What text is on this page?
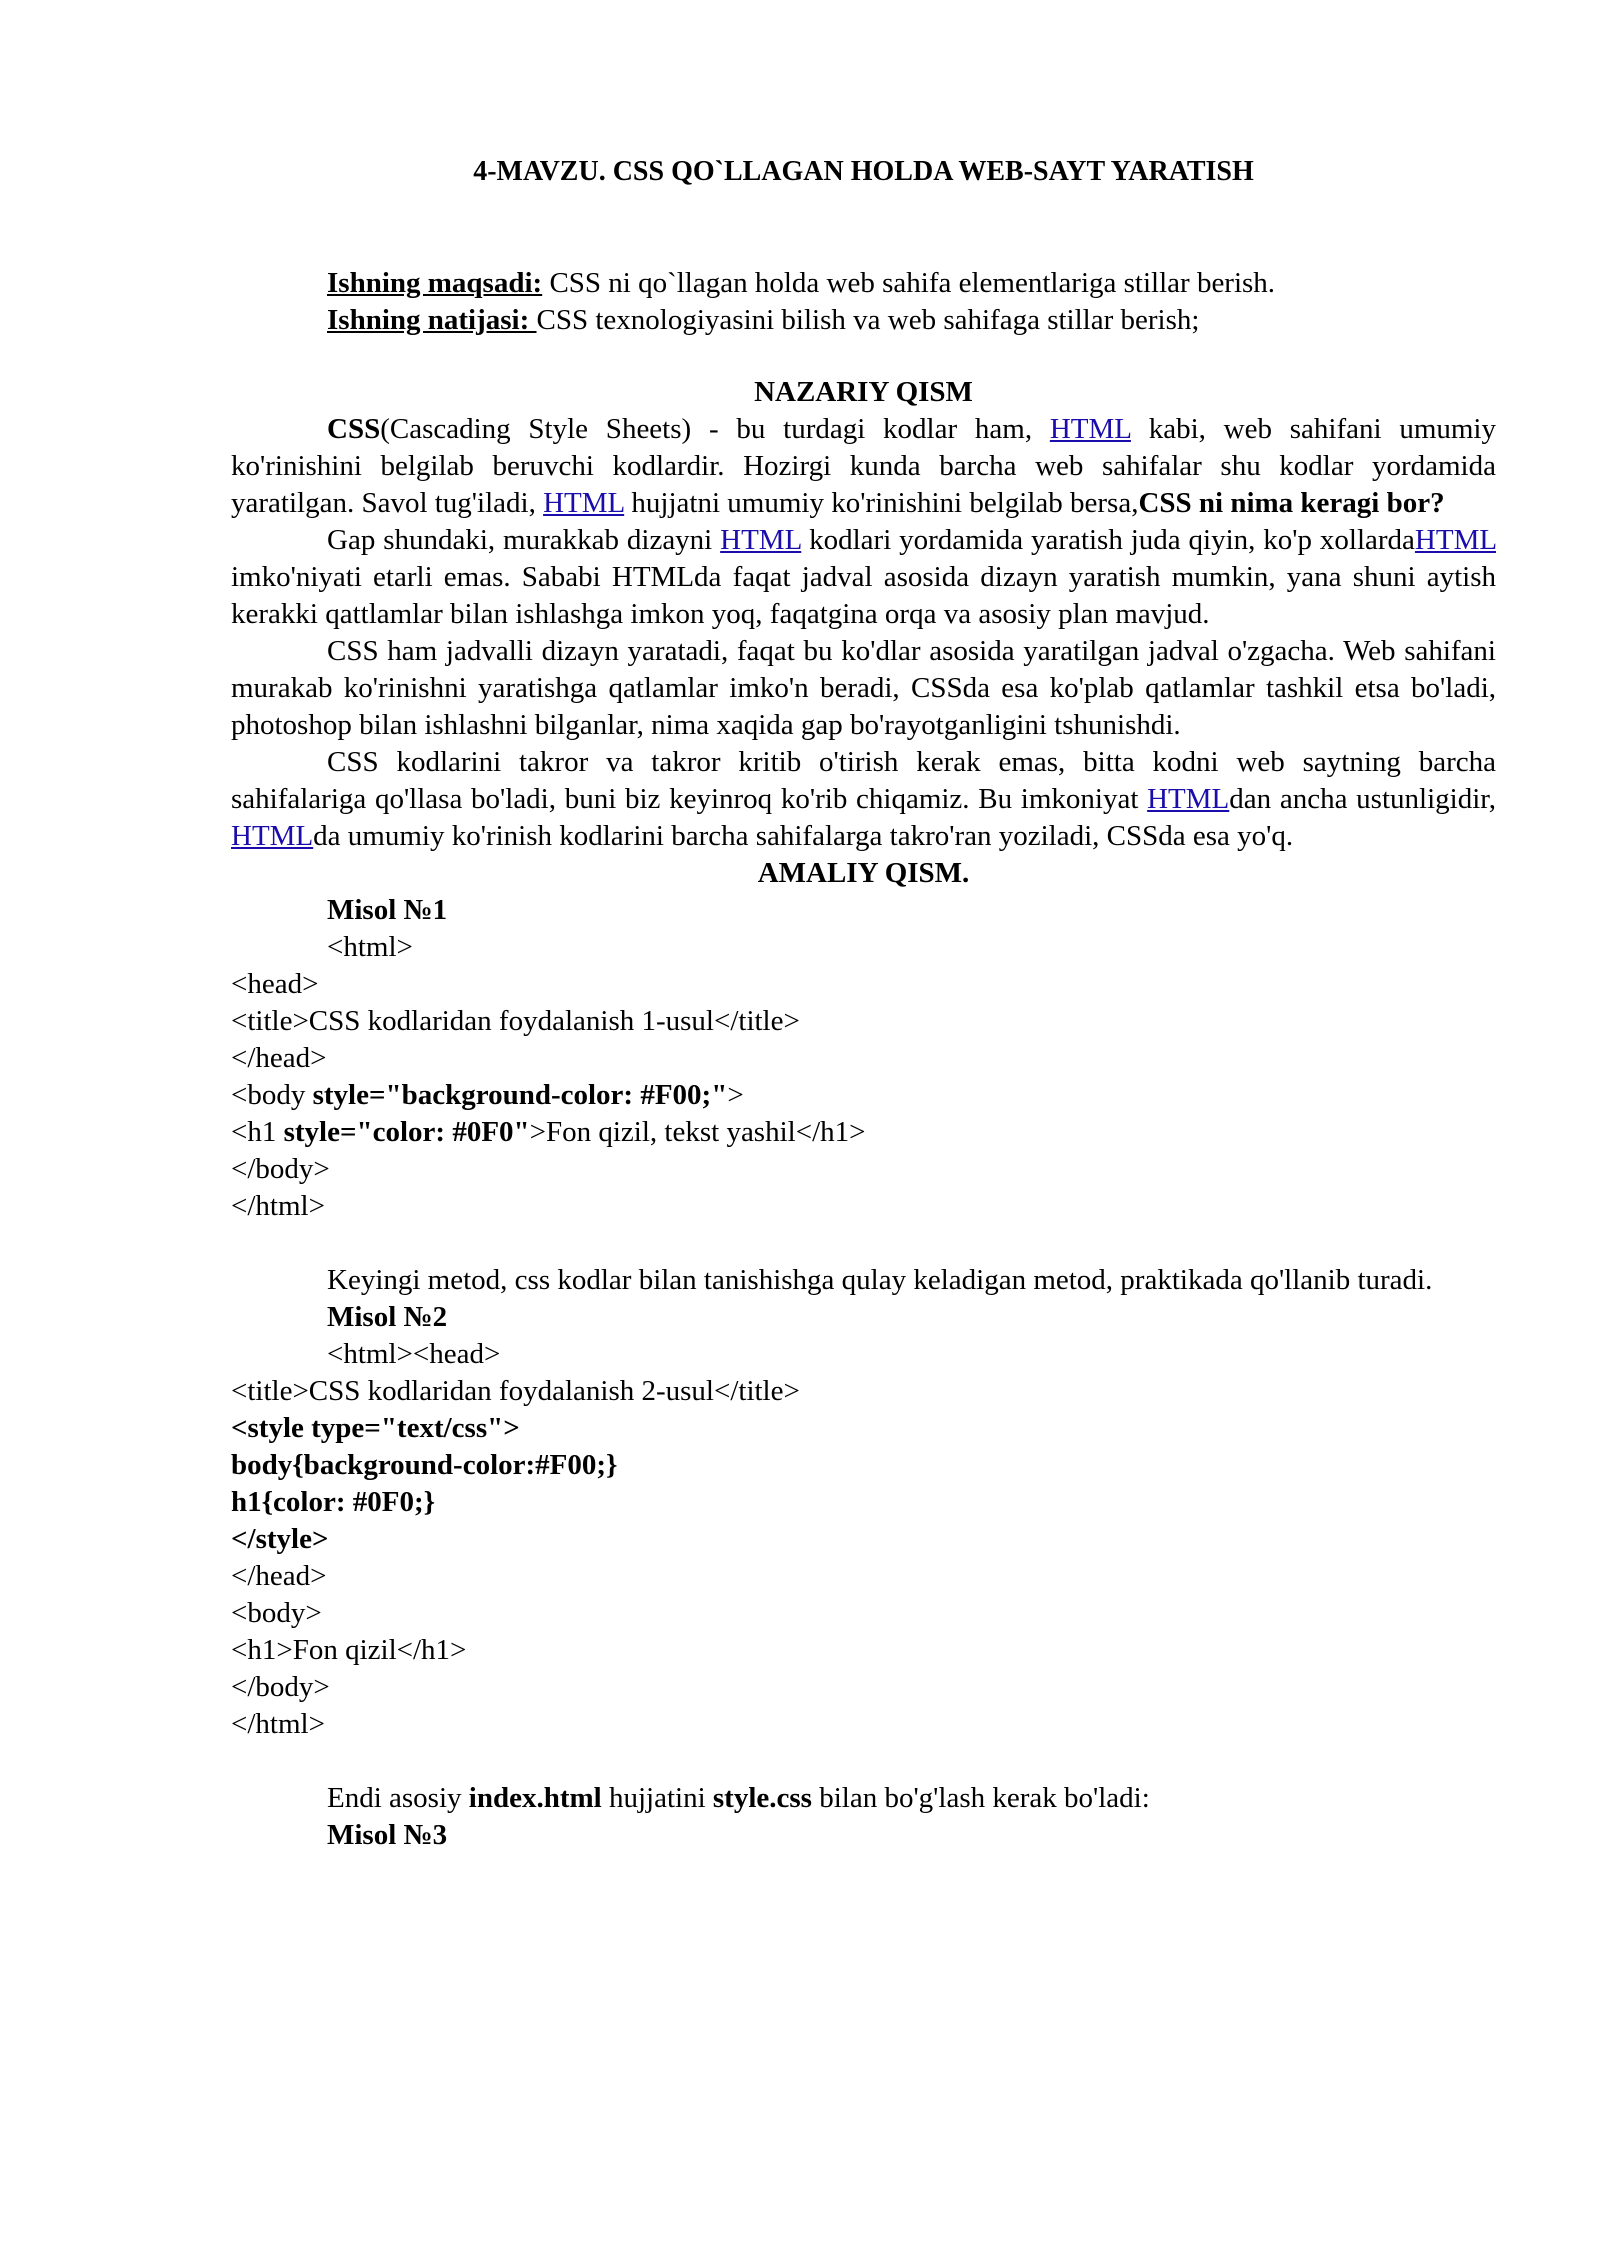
4-MAVZU. CSS QO`LLAGAN HOLDA WEB-SAYT YARATISH
Ishning maqsadi: CSS ni qo`llagan holda web sahifa elementlariga stillar berish.
Ishning natijasi: CSS texnologiyasini bilish va web sahifaga stillar berish;
NAZARIY QISM

CSS(Cascading Style Sheets) - bu turdagi kodlar ham, HTML kabi, web sahifani umumiy ko'rinishini belgilab beruvchi kodlardir. Hozirgi kunda barcha web sahifalar shu kodlar yordamida yaratilgan. Savol tug'iladi, HTML hujjatni umumiy ko'rinishini belgilab bersa,CSS ni nima keragi bor?

Gap shundaki, murakkab dizayni HTML kodlari yordamida yaratish juda qiyin, ko'p xollardaHTML imko'niyati etarli emas. Sababi HTMLda faqat jadval asosida dizayn yaratish mumkin, yana shuni aytish kerakki qattlamlar bilan ishlashga imkon yoq, faqatgina orqa va asosiy plan mavjud.

CSS ham jadvalli dizayn yaratadi, faqat bu ko'dlar asosida yaratilgan jadval o'zgacha. Web sahifani murakab ko'rinishni yaratishga qatlamlar imko'n beradi, CSSda esa ko'plab qatlamlar tashkil etsa bo'ladi, photoshop bilan ishlashni bilganlar, nima xaqida gap bo'rayotganligini tshunishdi.

CSS kodlarini takror va takror kritib o'tirish kerak emas, bitta kodni web saytning barcha sahifalariga qo'llasa bo'ladi, buni biz keyinroq ko'rib chiqamiz. Bu imkoniyat HTMLdan ancha ustunligidir, HTMLda umumiy ko'rinish kodlarini barcha sahifalarga takro'ran yoziladi, CSSda esa yo'q.

AMALIY QISM.
Misol №1
<html>
<head>
<title>CSS kodlaridan foydalanish 1-usul</title>
</head>
<body style="background-color: #F00;">
<h1 style="color: #0F0">Fon qizil, tekst yashil</h1>
</body>
</html>

Keyingi metod, css kodlar bilan tanishishga qulay keladigan metod, praktikada qo'llanib turadi.

Misol №2
<html><head>
<title>CSS kodlaridan foydalanish 2-usul</title>
<style type="text/css">
body{background-color:#F00;}
h1{color: #0F0;}
</style>
</head>
<body>
<h1>Fon qizil</h1>
</body>
</html>
Endi asosiy index.html hujjatini style.css bilan bo'g'lash kerak bo'ladi:
Misol №3
